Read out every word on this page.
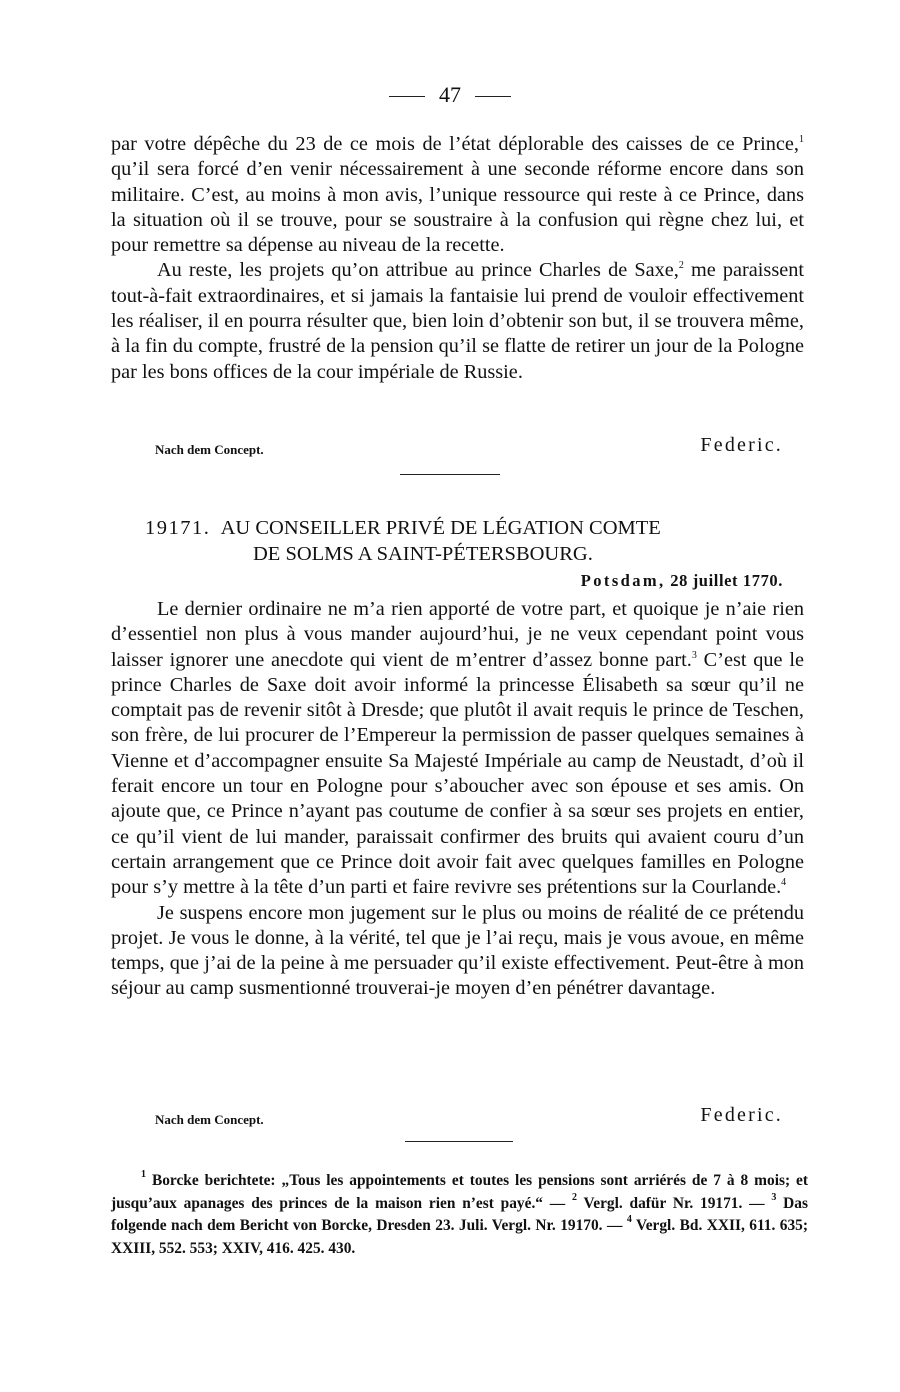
47

par votre dépêche du 23 de ce mois de l’état déplorable des caisses de ce Prince,$^1$ qu’il sera forcé d’en venir nécessairement à une seconde réforme encore dans son militaire. C’est, au moins à mon avis, l’unique ressource qui reste à ce Prince, dans la situation où il se trouve, pour se soustraire à la confusion qui règne chez lui, et pour remettre sa dépense au niveau de la recette.

Au reste, les projets qu’on attribue au prince Charles de Saxe,$^2$ me paraissent tout-à-fait extraordinaires, et si jamais la fantaisie lui prend de vouloir effectivement les réaliser, il en pourra résulter que, bien loin d’obtenir son but, il se trouvera même, à la fin du compte, frustré de la pension qu’il se flatte de retirer un jour de la Pologne par les bons offices de la cour impériale de Russie.

Nach dem Concept.	Federic.
19171. AU CONSEILLER PRIVÉ DE LÉGATION COMTE
DE SOLMS A SAINT-PÉTERSBOURG.
Potsdam, 28 juillet 1770.

Le dernier ordinaire ne m’a rien apporté de votre part, et quoique je n’aie rien d’essentiel non plus à vous mander aujourd’hui, je ne veux cependant point vous laisser ignorer une anecdote qui vient de m’entrer d’assez bonne part.$^3$ C’est que le prince Charles de Saxe doit avoir informé la princesse Élisabeth sa sœur qu’il ne comptait pas de revenir sitôt à Dresde; que plutôt il avait requis le prince de Teschen, son frère, de lui procurer de l’Empereur la permission de passer quelques semaines à Vienne et d’accompagner ensuite Sa Majesté Impériale au camp de Neustadt, d’où il ferait encore un tour en Pologne pour s’aboucher avec son épouse et ses amis. On ajoute que, ce Prince n’ayant pas coutume de confier à sa sœur ses projets en entier, ce qu’il vient de lui mander, paraissait confirmer des bruits qui avaient couru d’un certain arrangement que ce Prince doit avoir fait avec quelques familles en Pologne pour s’y mettre à la tête d’un parti et faire revivre ses prétentions sur la Courlande.$^4$

Je suspens encore mon jugement sur le plus ou moins de réalité de ce prétendu projet. Je vous le donne, à la vérité, tel que je l’ai reçu, mais je vous avoue, en même temps, que j’ai de la peine à me persuader qu’il existe effectivement. Peut-être à mon séjour au camp susmentionné trouverai-je moyen d’en pénétrer davantage.

Nach dem Concept.	Federic.

$^1$ Borcke berichtete: „Tous les appointements et toutes les pensions sont arriérés de 7 à 8 mois; et jusqu’aux apanages des princes de la maison rien n’est payé.“ — $^2$ Vergl. dafür Nr. 19171. — $^3$ Das folgende nach dem Bericht von Borcke, Dresden 23. Juli. Vergl. Nr. 19170. — $^4$ Vergl. Bd. XXII, 611. 635; XXIII, 552. 553; XXIV, 416. 425. 430.
